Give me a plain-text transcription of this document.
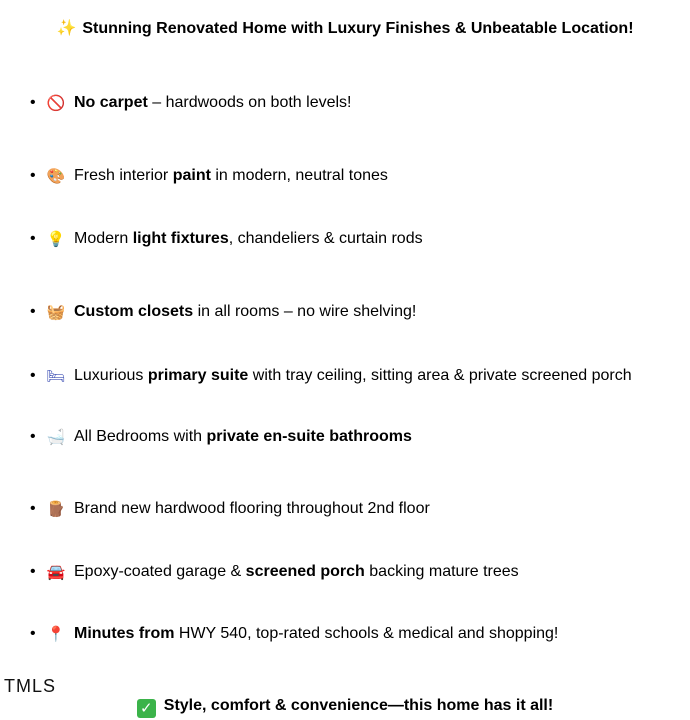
✨ Stunning Renovated Home with Luxury Finishes & Unbeatable Location!
• 🚫 No carpet – hardwoods on both levels!
• 🎨 Fresh interior paint in modern, neutral tones
• 💡 Modern light fixtures , chandeliers & curtain rods
• 🧺 Custom closets in all rooms – no wire shelving!
• 🛏 Luxurious primary suite with tray ceiling, sitting area & private screened porch
• 🛁 All Bedrooms with private en-suite bathrooms
• 🪵 Brand new hardwood flooring throughout 2nd floor
• 🚘 Epoxy-coated garage & screened porch backing mature trees
• 📍 Minutes from HWY 540, top-rated schools & medical and shopping!
TMLS
✓ Style, comfort & convenience—this home has it all!
